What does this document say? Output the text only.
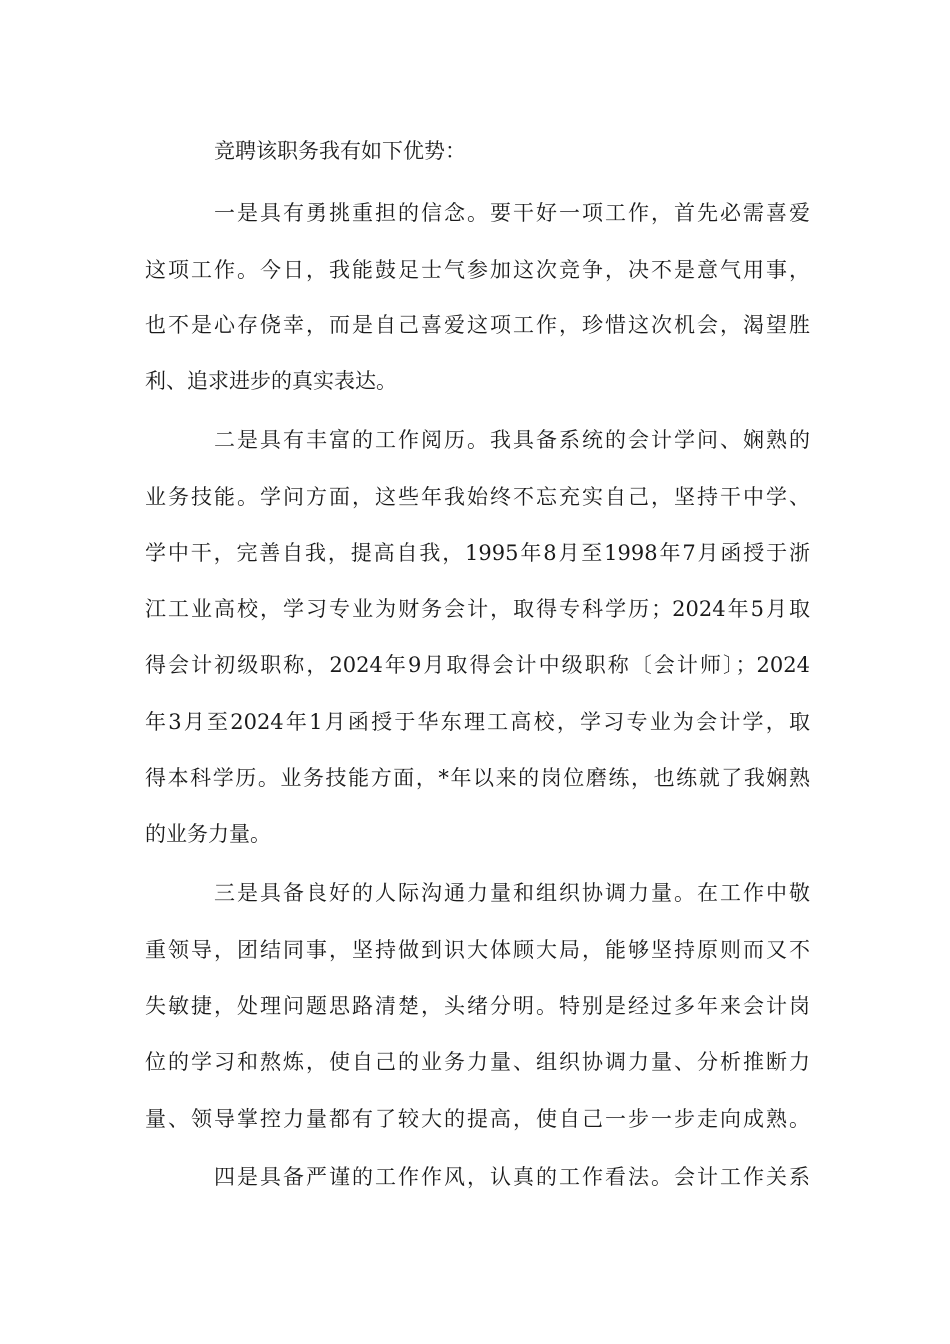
竞聘该职务我有如下优势：
一是具有勇挑重担的信念。要干好一项工作，首先必需喜爱
这项工作。今日，我能鼓足士气参加这次竞争，决不是意气用事，
也不是心存侥幸，而是自己喜爱这项工作，珍惜这次机会，渴望胜
利、追求进步的真实表达。
二是具有丰富的工作阅历。我具备系统的会计学问、娴熟的
业务技能。学问方面，这些年我始终不忘充实自己，坚持干中学、
学中干，完善自我，提高自我，1995年8月至1998年7月函授于浙
江工业高校，学习专业为财务会计，取得专科学历；2024年5月取
得会计初级职称，2024年9月取得会计中级职称〔会计师〕；2024
年3月至2024年1月函授于华东理工高校，学习专业为会计学，取
得本科学历。业务技能方面，*年以来的岗位磨练，也练就了我娴熟
的业务力量。
三是具备良好的人际沟通力量和组织协调力量。在工作中敬
重领导，团结同事，坚持做到识大体顾大局，能够坚持原则而又不
失敏捷，处理问题思路清楚，头绪分明。特别是经过多年来会计岗
位的学习和熬炼，使自己的业务力量、组织协调力量、分析推断力
量、领导掌控力量都有了较大的提高，使自己一步一步走向成熟。
四是具备严谨的工作作风，认真的工作看法。会计工作关系
